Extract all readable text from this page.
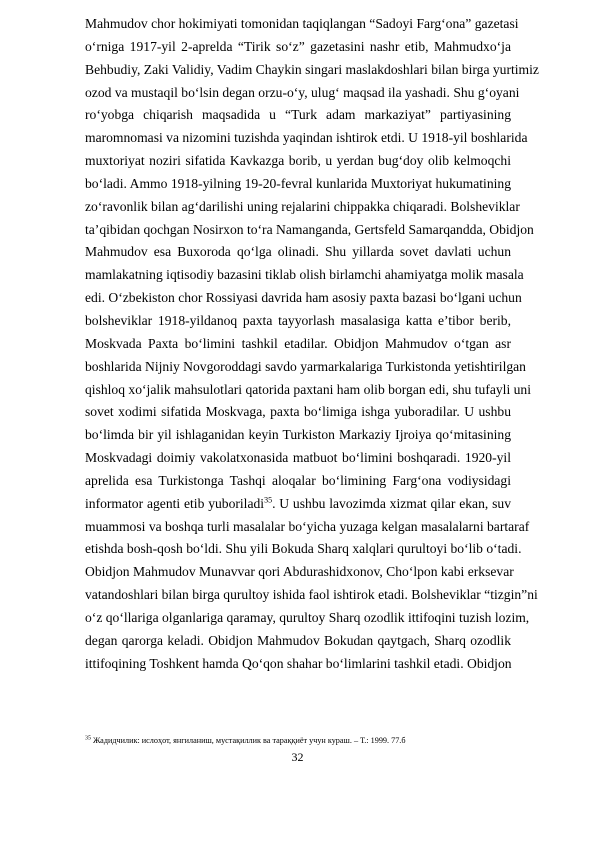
Mahmudov chor hokimiyati tomonidan taqiqlangan “Sadoyi Farg‘ona” gazetasi
o‘rniga 1917-yil 2-aprelda “Tirik so‘z” gazetasini nashr etib, Mahmudxo‘ja
Behbudiy, Zaki Validiy, Vadim Chaykin singari maslakdoshlari bilan birga yurtimiz
ozod va mustaqil bo‘lsin degan orzu-o‘y, ulug‘ maqsad ila yashadi. Shu g‘oyani
ro‘yobga chiqarish maqsadida u “Turk adam markaziyat” partiyasining
maromnomasi va nizomini tuzishda yaqindan ishtirok etdi. U 1918-yil boshlarida
muxtoriyat noziri sifatida Kavkazga borib, u yerdan bug‘doy olib kelmoqchi
bo‘ladi. Ammo 1918-yilning 19-20-fevral kunlarida Muxtoriyat hukumatining
zo‘ravonlik bilan ag‘darilishi uning rejalarini chippakka chiqaradi. Bolsheviklar
ta’qibidan qochgan Nosirxon to‘ra Namanganda, Gertsfeld Samarqandda, Obidjon
Mahmudov esa Buxoroda qo‘lga olinadi. Shu yillarda sovet davlati uchun
mamlakatning iqtisodiy bazasini tiklab olish birlamchi ahamiyatga molik masala
edi. O‘zbekiston chor Rossiyasi davrida ham asosiy paxta bazasi bo‘lgani uchun
bolsheviklar 1918-yildanoq paxta tayyorlash masalasiga katta e’tibor berib,
Moskvada Paxta bo‘limini tashkil etadilar. Obidjon Mahmudov o‘tgan asr
boshlarida Nijniy Novgoroddagi savdo yarmarkalariga Turkistonda yetishtirilgan
qishloq xo‘jalik mahsulotlari qatorida paxtani ham olib borgan edi, shu tufayli uni
sovet xodimi sifatida Moskvaga, paxta bo‘limiga ishga yuboradilar. U ushbu
bo‘limda bir yil ishlaganidan keyin Turkiston Markaziy Ijroiya qo‘mitasining
Moskvadagi doimiy vakolatxonasida matbuot bo‘limini boshqaradi. 1920-yil
aprelida esa Turkistonga Tashqi aloqalar bo‘limining Farg‘ona vodiysidagi
informator agenti etib yuboriladi$^{35}$. U ushbu lavozimda xizmat qilar ekan, suv
muammosi va boshqa turli masalalar bo‘yicha yuzaga kelgan masalalarni bartaraf
etishda bosh-qosh bo‘ldi. Shu yili Bokuda Sharq xalqlari qurultoyi bo‘lib o‘tadi.
Obidjon Mahmudov Munavvar qori Abdurashidxonov, Cho‘lpon kabi erksevar
vatandoshlari bilan birga qurultoy ishida faol ishtirok etadi. Bolsheviklar “tizgin”ni
o‘z qo‘llariga olganlariga qaramay, qurultoy Sharq ozodlik ittifoqini tuzish lozim,
degan qarorga keladi. Obidjon Mahmudov Bokudan qaytgach, Sharq ozodlik
ittifoqining Toshkent hamda Qo‘qon shahar bo‘limlarini tashkil etadi. Obidjon
$^{35}$ Жадидчилик: ислоҳот, янгиланиш, мустақиллик ва тараққиёт учун кураш. – Т.: 1999. 77.б
32
